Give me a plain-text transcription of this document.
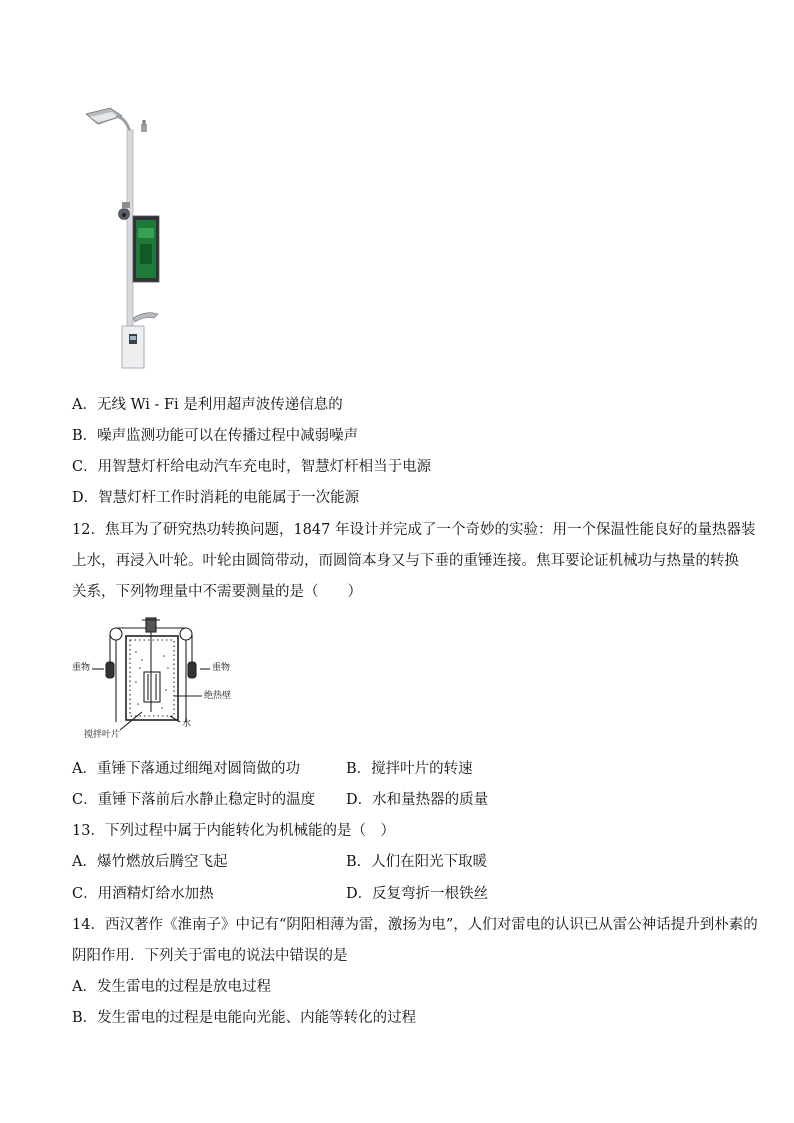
A．无线 Wi - Fi 是利用超声波传递信息的
B．噪声监测功能可以在传播过程中减弱噪声
C．用智慧灯杆给电动汽车充电时，智慧灯杆相当于电源
D．智慧灯杆工作时消耗的电能属于一次能源
12．焦耳为了研究热功转换问题，1847 年设计并完成了一个奇妙的实验：用一个保温性能良好的量热器装
上水，再浸入叶轮。叶轮由圆筒带动，而圆筒本身又与下垂的重锤连接。焦耳要论证机械功与热量的转换
关系，下列物理量中不需要测量的是（　　）
重物	重物
绝热壁
水
搅拌叶片
A．重锤下落通过细绳对圆筒做的功	B．搅拌叶片的转速
C．重锤下落前后水静止稳定时的温度 D．水和量热器的质量
13．下列过程中属于内能转化为机械能的是（　）
A．爆竹燃放后腾空飞起	B．人们在阳光下取暖
C．用酒精灯给水加热	D．反复弯折一根铁丝
14．西汉著作《淮南子》中记有“阴阳相薄为雷，激扬为电”，人们对雷电的认识已从雷公神话提升到朴素的
阴阳作用．下列关于雷电的说法中错误的是
A．发生雷电的过程是放电过程
B．发生雷电的过程是电能向光能、内能等转化的过程
